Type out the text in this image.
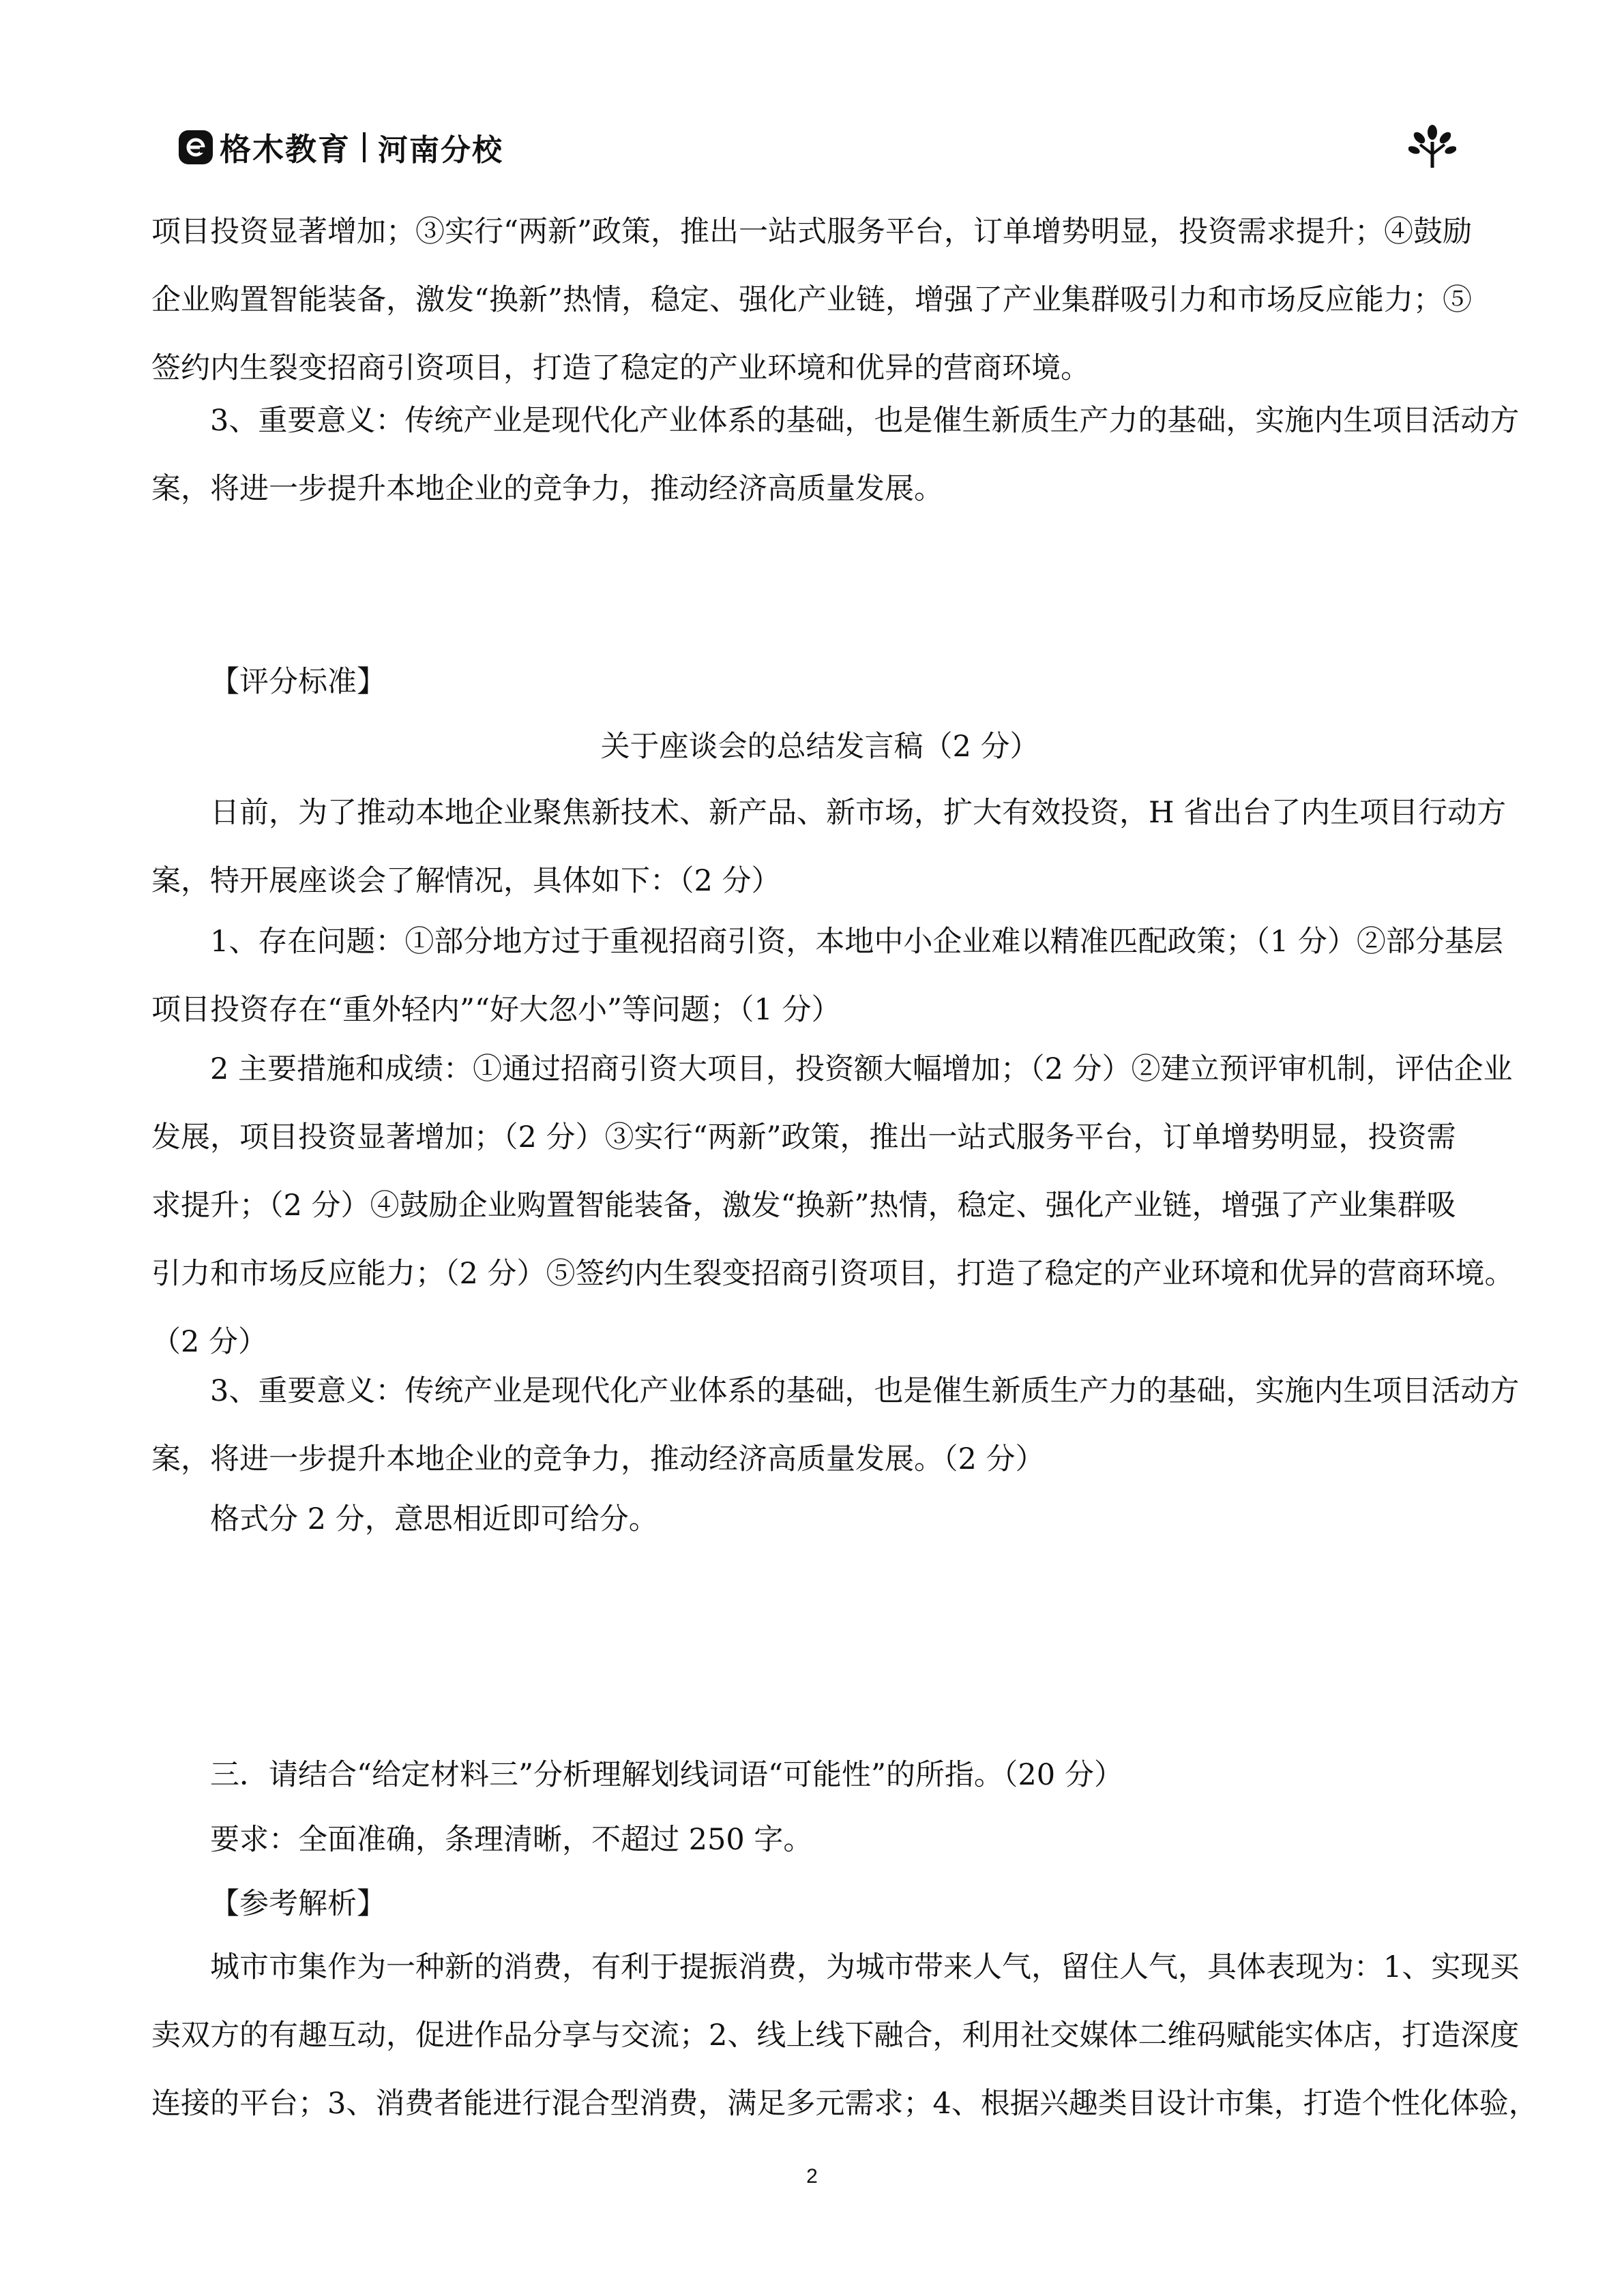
格木教育 河南分校
项目投资显著增加；③实行“两新”政策，推出一站式服务平台，订单增势明显，投资需求提升；④鼓励
企业购置智能装备，激发“换新”热情，稳定、强化产业链，增强了产业集群吸引力和市场反应能力；⑤
签约内生裂变招商引资项目，打造了稳定的产业环境和优异的营商环境。
3、重要意义：传统产业是现代化产业体系的基础，也是催生新质生产力的基础，实施内生项目活动方
案，将进一步提升本地企业的竞争力，推动经济高质量发展。
【评分标准】
关于座谈会的总结发言稿（2 分）
日前，为了推动本地企业聚焦新技术、新产品、新市场，扩大有效投资，H 省出台了内生项目行动方
案，特开展座谈会了解情况，具体如下：（2 分）
1、存在问题：①部分地方过于重视招商引资，本地中小企业难以精准匹配政策；（1 分）②部分基层
项目投资存在“重外轻内”“好大忽小”等问题；（1 分）
2 主要措施和成绩：①通过招商引资大项目，投资额大幅增加；（2 分）②建立预评审机制，评估企业
发展，项目投资显著增加；（2 分）③实行“两新”政策，推出一站式服务平台，订单增势明显，投资需
求提升；（2 分）④鼓励企业购置智能装备，激发“换新”热情，稳定、强化产业链，增强了产业集群吸
引力和市场反应能力；（2 分）⑤签约内生裂变招商引资项目，打造了稳定的产业环境和优异的营商环境。
（2 分）
3、重要意义：传统产业是现代化产业体系的基础，也是催生新质生产力的基础，实施内生项目活动方
案，将进一步提升本地企业的竞争力，推动经济高质量发展。（2 分）
格式分 2 分，意思相近即可给分。
三．请结合“给定材料三”分析理解划线词语“可能性”的所指。（20 分）
要求：全面准确，条理清晰，不超过 250 字。
【参考解析】
城市市集作为一种新的消费，有利于提振消费，为城市带来人气，留住人气，具体表现为：1、实现买
卖双方的有趣互动，促进作品分享与交流；2、线上线下融合，利用社交媒体二维码赋能实体店，打造深度
连接的平台；3、消费者能进行混合型消费，满足多元需求；4、根据兴趣类目设计市集，打造个性化体验，
2
